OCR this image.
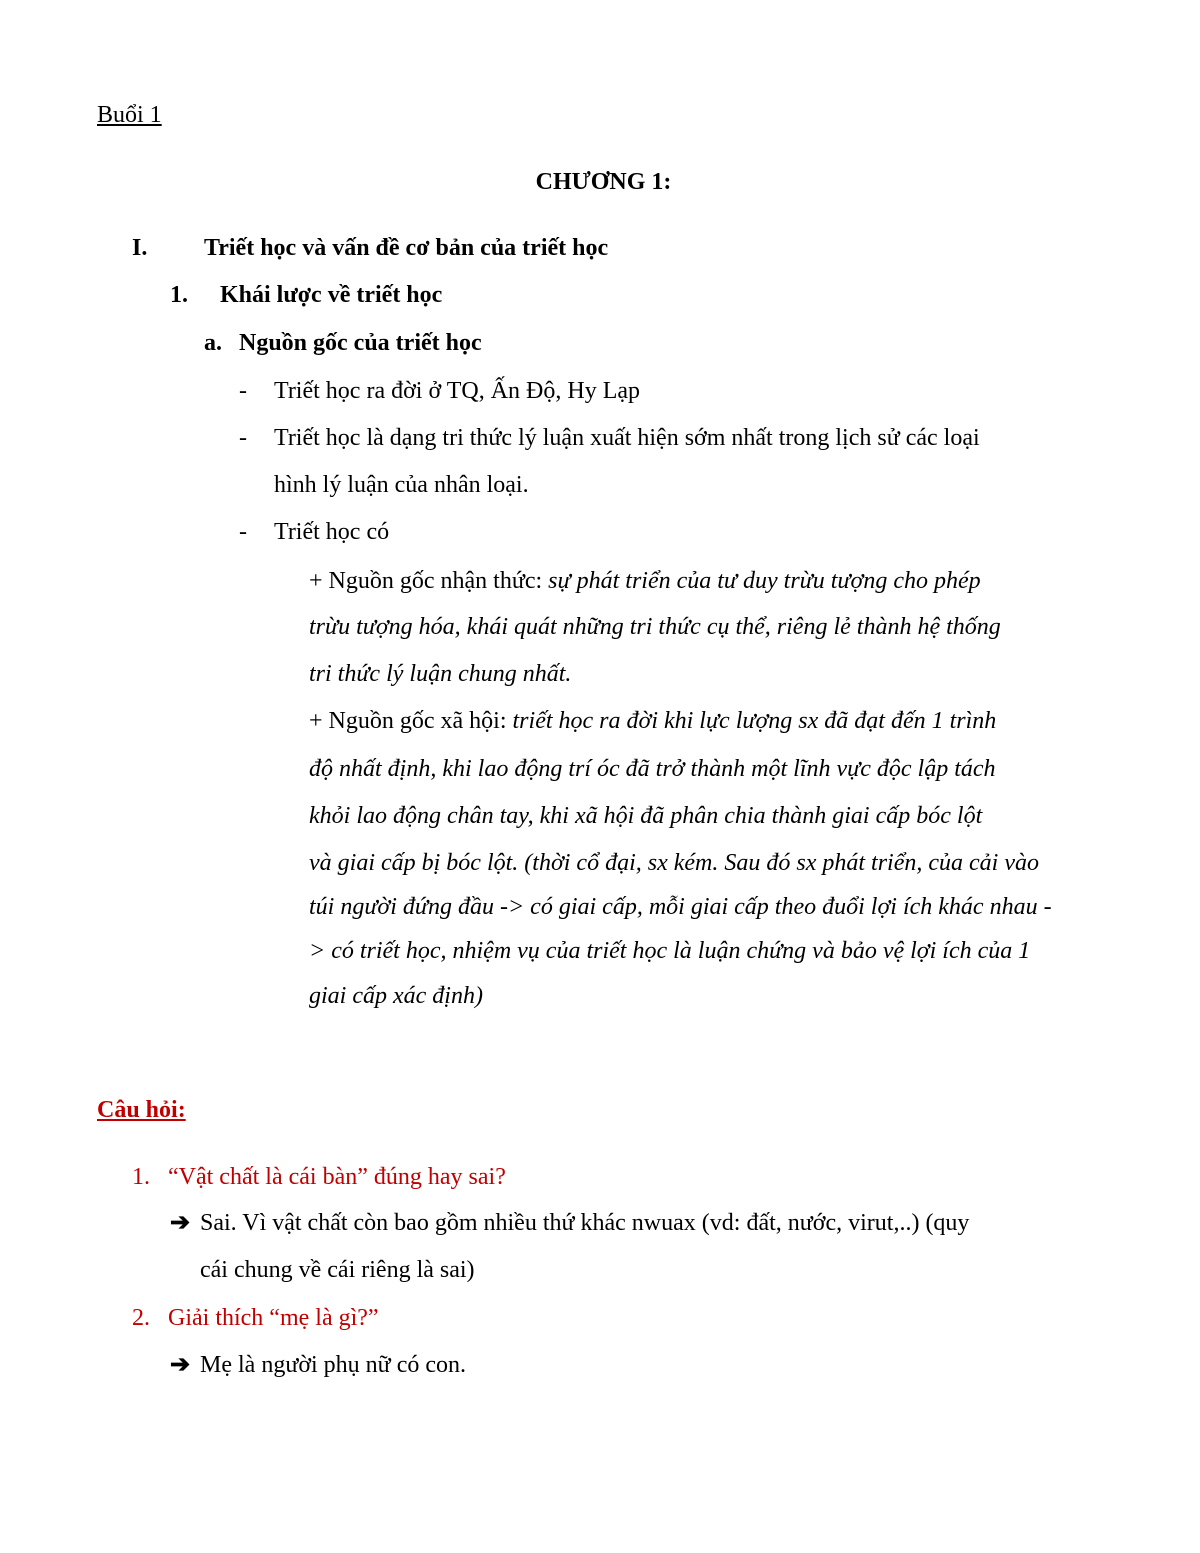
Buổi 1
CHƯƠNG 1:
I. Triết học và vấn đề cơ bản của triết học
1. Khái lược về triết học
a. Nguồn gốc của triết học
- Triết học ra đời ở TQ, Ấn Độ, Hy Lạp
- Triết học là dạng tri thức lý luận xuất hiện sớm nhất trong lịch sử các loại
hình lý luận của nhân loại.
- Triết học có
+ Nguồn gốc nhận thức: sự phát triển của tư duy trừu tượng cho phép
trừu tượng hóa, khái quát những tri thức cụ thể, riêng lẻ thành hệ thống
tri thức lý luận chung nhất.
+ Nguồn gốc xã hội: triết học ra đời khi lực lượng sx đã đạt đến 1 trình
độ nhất định, khi lao động trí óc đã trở thành một lĩnh vực độc lập tách
khỏi lao động chân tay, khi xã hội đã phân chia thành giai cấp bóc lột
và giai cấp bị bóc lột. (thời cổ đại, sx kém. Sau đó sx phát triển, của cải vào
túi người đứng đầu -> có giai cấp, mỗi giai cấp theo đuổi lợi ích khác nhau -
> có triết học, nhiệm vụ của triết học là luận chứng và bảo vệ lợi ích của 1
giai cấp xác định)
Câu hỏi:
1. “Vật chất là cái bàn” đúng hay sai?
➔ Sai. Vì vật chất còn bao gồm nhiều thứ khác nwuax (vd: đất, nước, virut,..) (quy
cái chung về cái riêng là sai)
2. Giải thích “mẹ là gì?”
➔ Mẹ là người phụ nữ có con.
